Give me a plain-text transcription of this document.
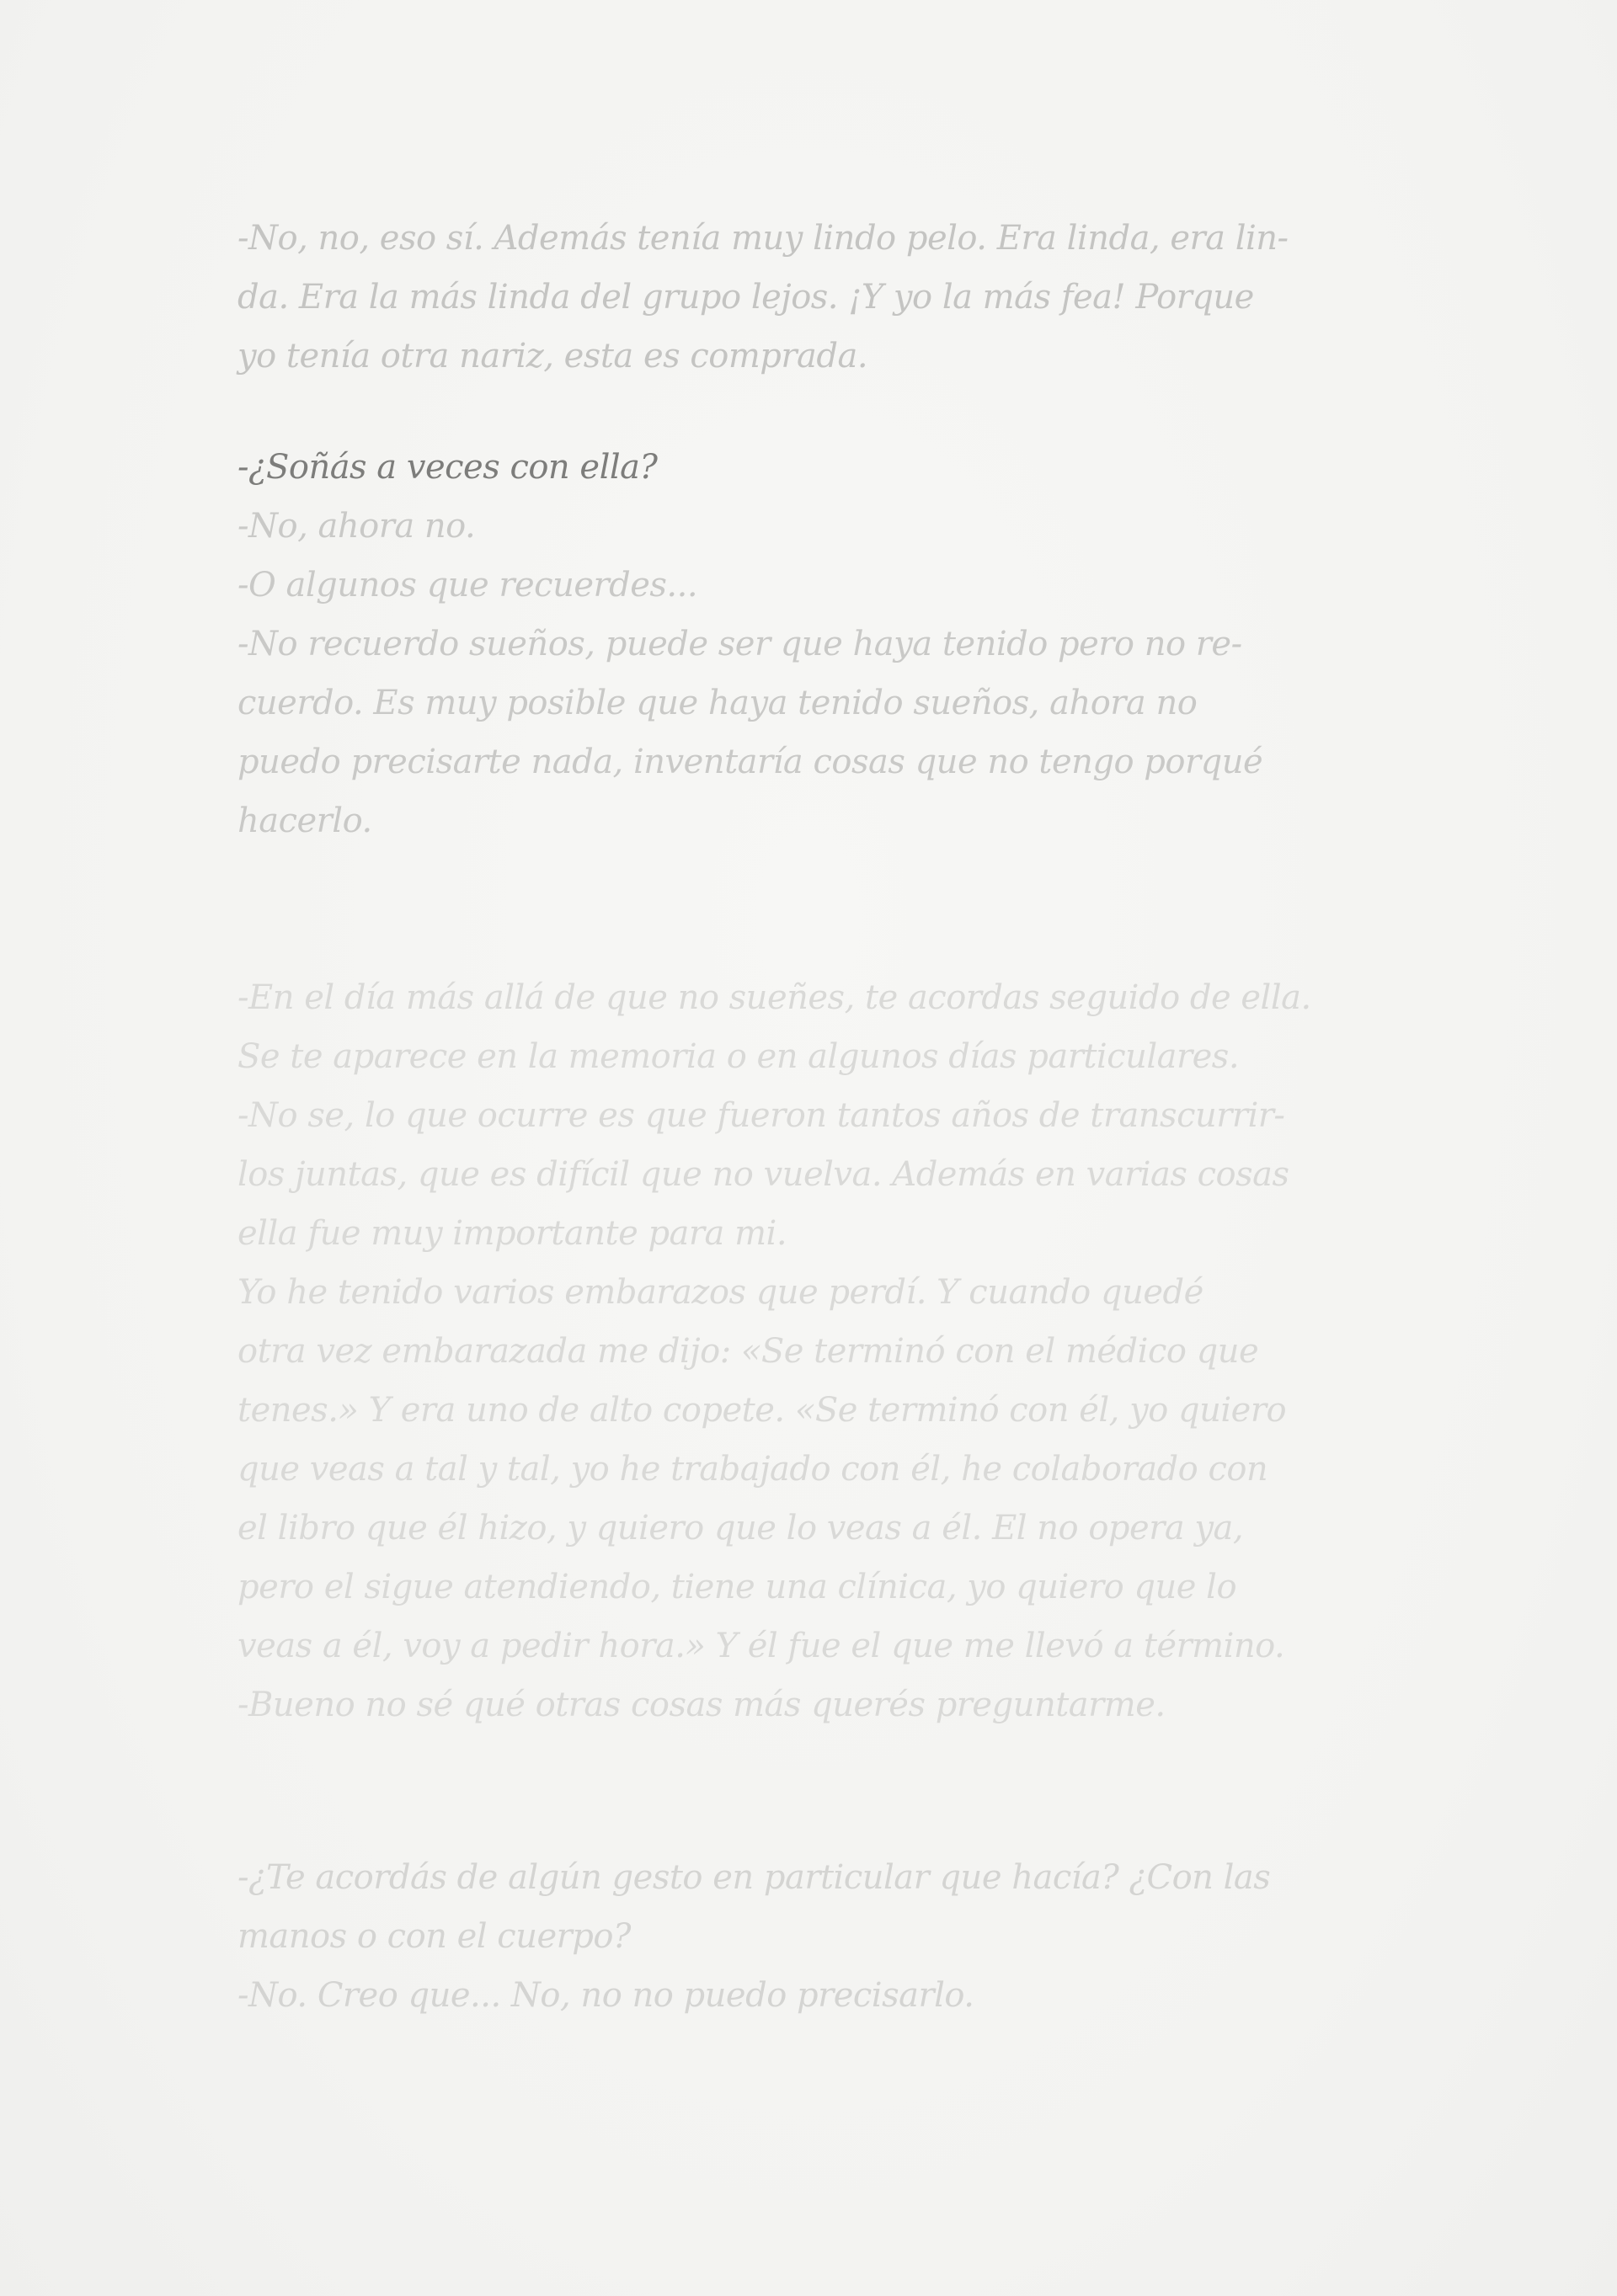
-No, no, eso sí. Además tenía muy lindo pelo. Era linda, era lin-

da. Era la más linda del grupo lejos. ¡Y yo la más fea! Porque

yo tenía otra nariz, esta es comprada.

-¿Soñás a veces con ella?

-No, ahora no.

-O algunos que recuerdes...

-No recuerdo sueños, puede ser que haya tenido pero no re-

cuerdo. Es muy posible que haya tenido sueños, ahora no

puedo precisarte nada, inventaría cosas que no tengo porqué

hacerlo.

-En el día más allá de que no sueñes, te acordas seguido de ella.

Se te aparece en la memoria o en algunos días particulares.

-No se, lo que ocurre es que fueron tantos años de transcurrir-

los juntas, que es difícil que no vuelva. Además en varias cosas

ella fue muy importante para mi.

Yo he tenido varios embarazos que perdí. Y cuando quedé

otra vez embarazada me dijo: «Se terminó con el médico que

tenes.» Y era uno de alto copete. «Se terminó con él, yo quiero

que veas a tal y tal, yo he trabajado con él, he colaborado con

el libro que él hizo, y quiero que lo veas a él. El no opera ya,

pero el sigue atendiendo, tiene una clínica, yo quiero que lo

veas a él, voy a pedir hora.» Y él fue el que me llevó a término.

-Bueno no sé qué otras cosas más querés preguntarme.

-¿Te acordás de algún gesto en particular que hacía? ¿Con las

manos o con el cuerpo?

-No. Creo que... No, no no puedo precisarlo.
